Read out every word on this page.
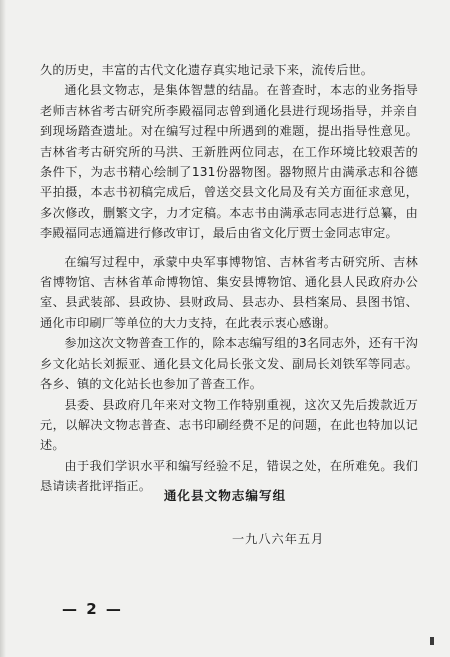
久的历史，丰富的古代文化遗存真实地记录下来，流传后世。

通化县文物志，是集体智慧的结晶。在普查时，本志的业务指导老师吉林省考古研究所李殿福同志曾到通化县进行现场指导，并亲自到现场踏查遗址。对在编写过程中所遇到的难题，提出指导性意见。吉林省考古研究所的马洪、王新胜两位同志，在工作环境比较艰苦的条件下，为志书精心绘制了131份器物图。器物照片由满承志和谷德平拍摄，本志书初稿完成后，曾送交县文化局及有关方面征求意见，多次修改，删繁文字，力才定稿。本志书由满承志同志进行总纂，由李殿福同志通篇进行修改审订，最后由省文化厅贾士金同志审定。

在编写过程中，承蒙中央军事博物馆、吉林省考古研究所、吉林省博物馆、吉林省革命博物馆、集安县博物馆、通化县人民政府办公室、县武装部、县政协、县财政局、县志办、县档案局、县图书馆、通化市印刷厂等单位的大力支持，在此表示衷心感谢。

参加这次文物普查工作的，除本志编写组的3名同志外，还有干沟乡文化站长刘振亚、通化县文化局长张文发、副局长刘铁军等同志。各乡、镇的文化站长也参加了普查工作。

县委、县政府几年来对文物工作特别重视，这次又先后拨款近万元，以解决文物志普查、志书印刷经费不足的问题，在此也特加以记述。

由于我们学识水平和编写经验不足，错误之处，在所难免。我们恳请读者批评指正。

通化县文物志编写组
一九八六年五月
— 2 —
